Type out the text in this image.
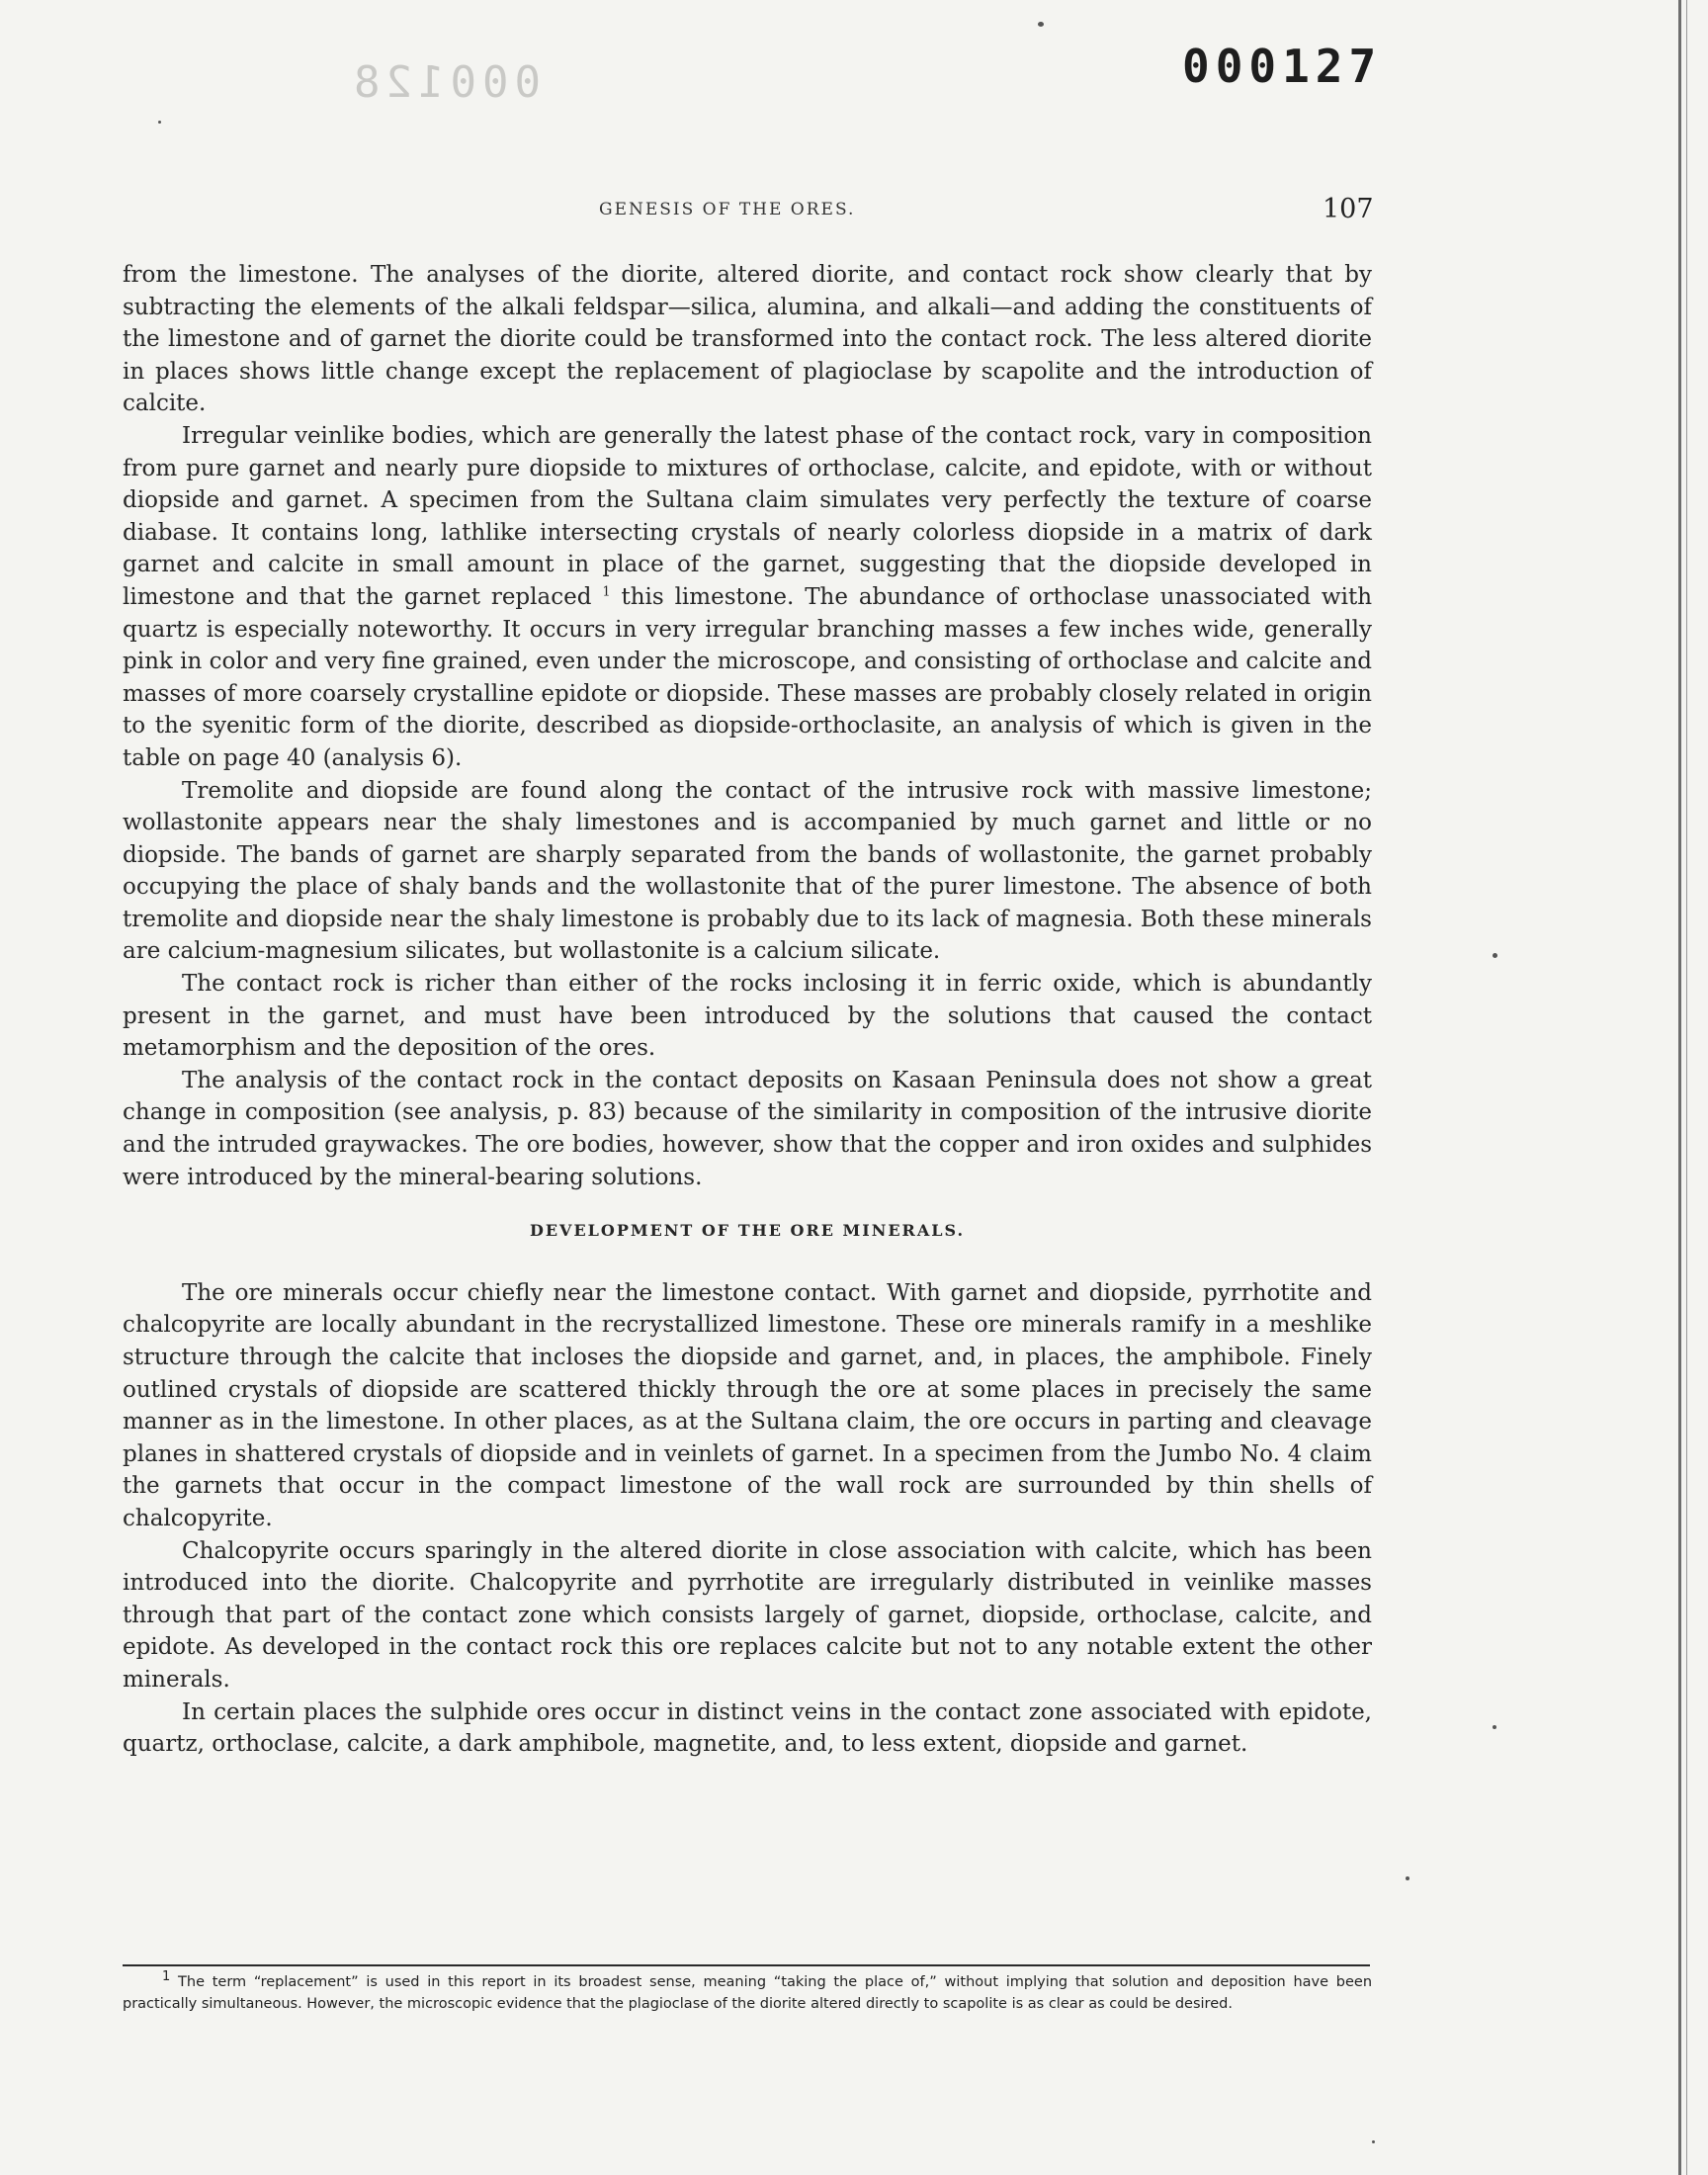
000128	000127
GENESIS OF THE ORES.	107

from the limestone. The analyses of the diorite, altered diorite, and contact rock show clearly that by subtracting the elements of the alkali feldspar—silica, alumina, and alkali—and adding the constituents of the limestone and of garnet the diorite could be transformed into the contact rock. The less altered diorite in places shows little change except the replacement of plagioclase by scapolite and the introduction of calcite.

Irregular veinlike bodies, which are generally the latest phase of the contact rock, vary in composition from pure garnet and nearly pure diopside to mixtures of orthoclase, calcite, and epidote, with or without diopside and garnet. A specimen from the Sultana claim simulates very perfectly the texture of coarse diabase. It contains long, lathlike intersecting crystals of nearly colorless diopside in a matrix of dark garnet and calcite in small amount in place of the garnet, suggesting that the diopside developed in limestone and that the garnet replaced $^1$ this limestone. The abundance of orthoclase unassociated with quartz is especially noteworthy. It occurs in very irregular branching masses a few inches wide, generally pink in color and very fine grained, even under the microscope, and consisting of orthoclase and calcite and masses of more coarsely crystalline epidote or diopside. These masses are probably closely related in origin to the syenitic form of the diorite, described as diopside-orthoclasite, an analysis of which is given in the table on page 40 (analysis 6).

Tremolite and diopside are found along the contact of the intrusive rock with massive limestone; wollastonite appears near the shaly limestones and is accompanied by much garnet and little or no diopside. The bands of garnet are sharply separated from the bands of wollastonite, the garnet probably occupying the place of shaly bands and the wollastonite that of the purer limestone. The absence of both tremolite and diopside near the shaly limestone is probably due to its lack of magnesia. Both these minerals are calcium-magnesium silicates, but wollastonite is a calcium silicate.

The contact rock is richer than either of the rocks inclosing it in ferric oxide, which is abundantly present in the garnet, and must have been introduced by the solutions that caused the contact metamorphism and the deposition of the ores.

The analysis of the contact rock in the contact deposits on Kasaan Peninsula does not show a great change in composition (see analysis, p. 83) because of the similarity in composition of the intrusive diorite and the intruded graywackes. The ore bodies, however, show that the copper and iron oxides and sulphides were introduced by the mineral-bearing solutions.

DEVELOPMENT OF THE ORE MINERALS.

The ore minerals occur chiefly near the limestone contact. With garnet and diopside, pyrrhotite and chalcopyrite are locally abundant in the recrystallized limestone. These ore minerals ramify in a meshlike structure through the calcite that incloses the diopside and garnet, and, in places, the amphibole. Finely outlined crystals of diopside are scattered thickly through the ore at some places in precisely the same manner as in the limestone. In other places, as at the Sultana claim, the ore occurs in parting and cleavage planes in shattered crystals of diopside and in veinlets of garnet. In a specimen from the Jumbo No. 4 claim the garnets that occur in the compact limestone of the wall rock are surrounded by thin shells of chalcopyrite.

Chalcopyrite occurs sparingly in the altered diorite in close association with calcite, which has been introduced into the diorite. Chalcopyrite and pyrrhotite are irregularly distributed in veinlike masses through that part of the contact zone which consists largely of garnet, diopside, orthoclase, calcite, and epidote. As developed in the contact rock this ore replaces calcite but not to any notable extent the other minerals.

In certain places the sulphide ores occur in distinct veins in the contact zone associated with epidote, quartz, orthoclase, calcite, a dark amphibole, magnetite, and, to less extent, diopside and garnet.

$^1$ The term “replacement” is used in this report in its broadest sense, meaning “taking the place of,” without implying that solution and deposition have been practically simultaneous. However, the microscopic evidence that the plagioclase of the diorite altered directly to scapolite is as clear as could be desired.
